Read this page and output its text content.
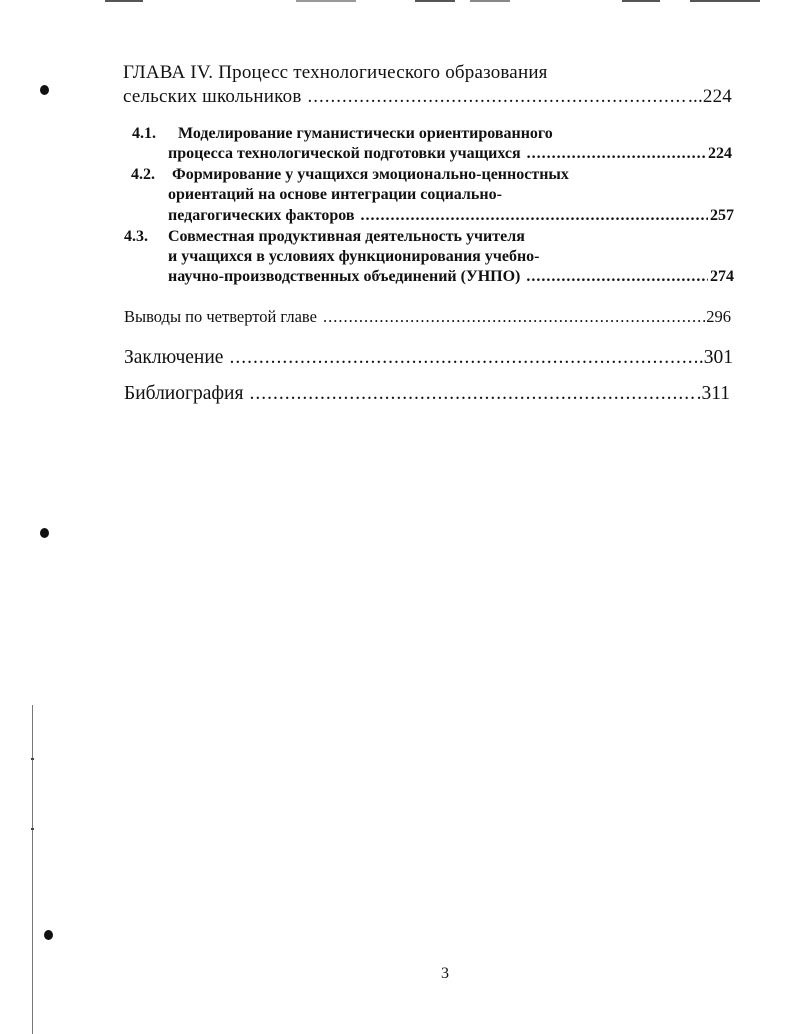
ГЛАВА IV. Процесс технологического образования
сельских школьников .....	...224
4.1. Моделирование гуманистически ориентированного
процесса технологической подготовки учащихся .....	224
4.2. Формирование у учащихся эмоционально-ценностных
ориентаций на основе интеграции социально-
педагогических факторов .....	257
4.3. Совместная продуктивная деятельность учителя
и учащихся в условиях функционирования учебно-
научно-производственных объединений (УНПО) .....	274
Выводы по четвертой главе .....	.296
Заключение .....	.301
Библиография .....	.311
3
